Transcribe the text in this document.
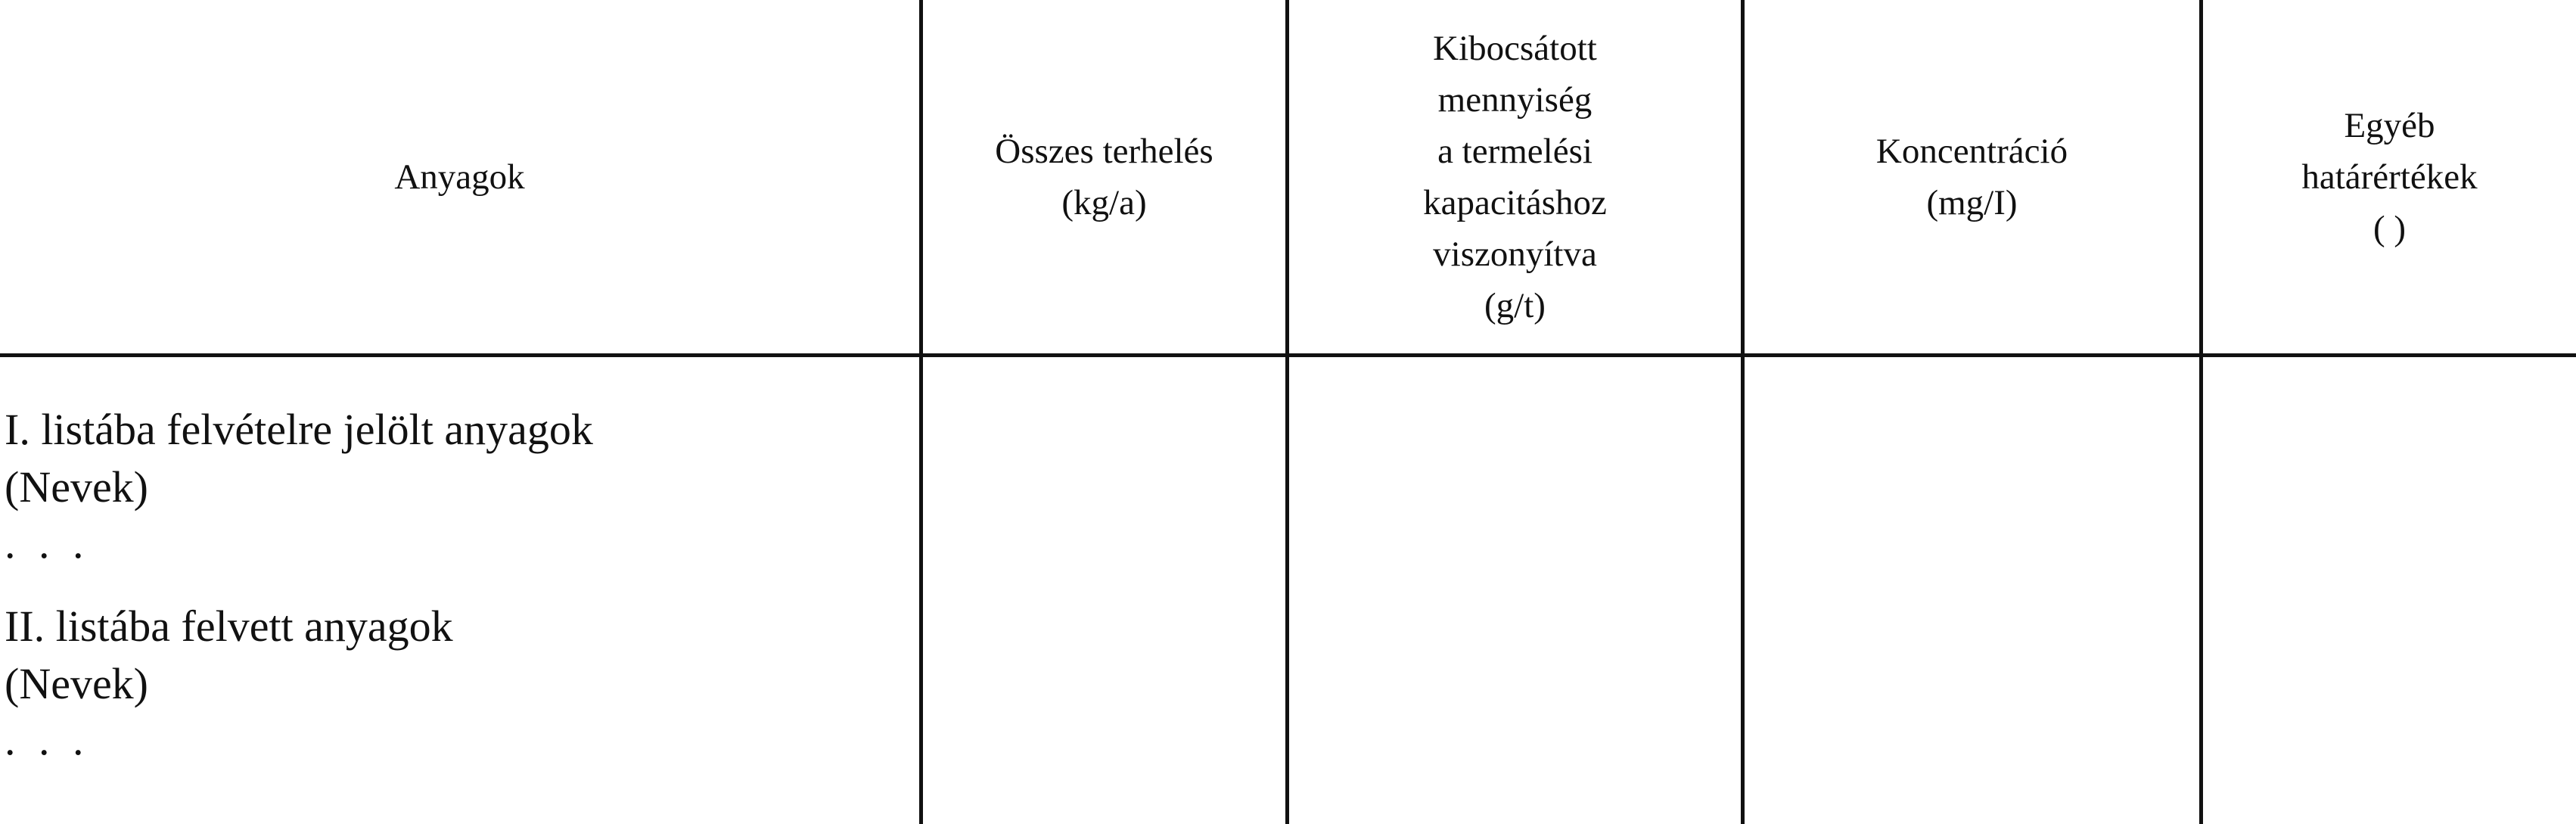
Anyagok
Összes terhelés
(kg/a)
Kibocsátott
mennyiség
a termelési
kapacitáshoz
viszonyítva
(g/t)
Koncentráció
(mg/I)
Egyéb
határértékek
( )
I. listába felvételre jelölt anyagok
(Nevek)
. . .
II. listába felvett anyagok
(Nevek)
. . .
